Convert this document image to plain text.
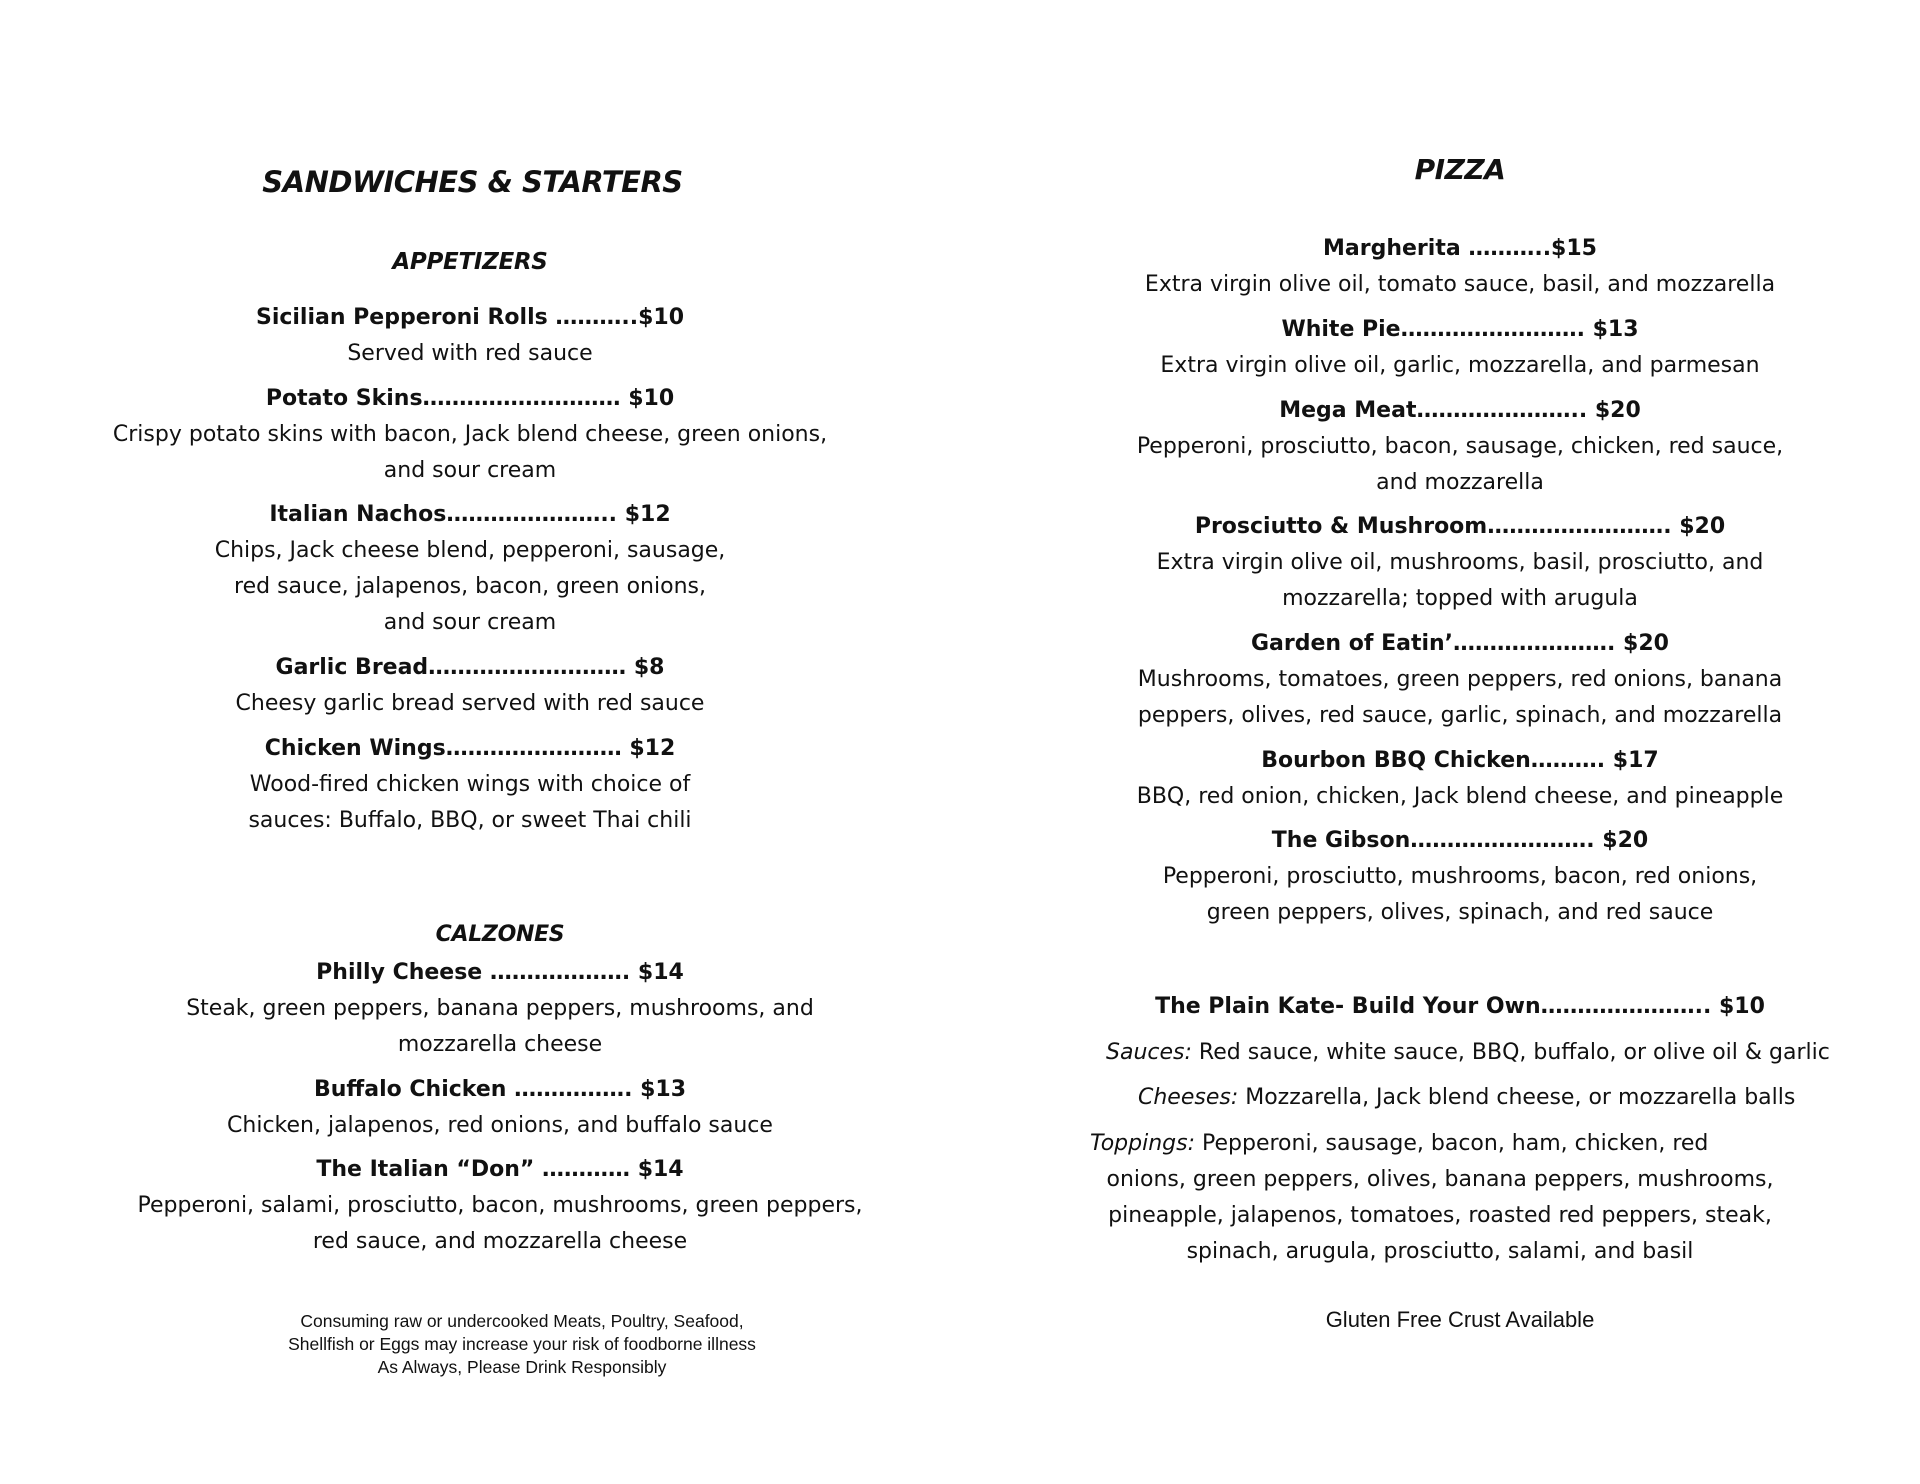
SANDWICHES & STARTERS
APPETIZERS
Sicilian Pepperoni Rolls ………..$10
Served with red sauce
Potato Skins……………………… $10
Crispy potato skins with bacon, Jack blend cheese, green onions,
and sour cream
Italian Nachos………………….. $12
Chips, Jack cheese blend, pepperoni, sausage,
red sauce, jalapenos, bacon, green onions,
and sour cream
Garlic Bread……………………… $8
Cheesy garlic bread served with red sauce
Chicken Wings…………………… $12
Wood-fired chicken wings with choice of
sauces: Buffalo, BBQ, or sweet Thai chili
CALZONES
Philly Cheese ………………. $14
Steak, green peppers, banana peppers, mushrooms, and
mozzarella cheese
Buffalo Chicken ……………. $13
Chicken, jalapenos, red onions, and buffalo sauce
The Italian “Don” ………… $14
Pepperoni, salami, prosciutto, bacon, mushrooms, green peppers,
red sauce, and mozzarella cheese
Consuming raw or undercooked Meats, Poultry, Seafood,
Shellfish or Eggs may increase your risk of foodborne illness
As Always, Please Drink Responsibly
PIZZA
Margherita ………..$15
Extra virgin olive oil, tomato sauce, basil, and mozzarella
White Pie……………………. $13
Extra virgin olive oil, garlic, mozzarella, and parmesan
Mega Meat………………….. $20
Pepperoni, prosciutto, bacon, sausage, chicken, red sauce,
and mozzarella
Prosciutto & Mushroom……………………. $20
Extra virgin olive oil, mushrooms, basil, prosciutto, and
mozzarella; topped with arugula
Garden of Eatin’…………………. $20
Mushrooms, tomatoes, green peppers, red onions, banana
peppers, olives, red sauce, garlic, spinach, and mozzarella
Bourbon BBQ Chicken………. $17
BBQ, red onion, chicken, Jack blend cheese, and pineapple
The Gibson……………………. $20
Pepperoni, prosciutto, mushrooms, bacon, red onions,
green peppers, olives, spinach, and red sauce
The Plain Kate- Build Your Own………………….. $10
Sauces: Red sauce, white sauce, BBQ, buffalo, or olive oil & garlic
Cheeses: Mozzarella, Jack blend cheese, or mozzarella balls
Toppings: Pepperoni, sausage, bacon, ham, chicken, red
onions, green peppers, olives, banana peppers, mushrooms,
pineapple, jalapenos, tomatoes, roasted red peppers, steak,
spinach, arugula, prosciutto, salami, and basil
Gluten Free Crust Available
